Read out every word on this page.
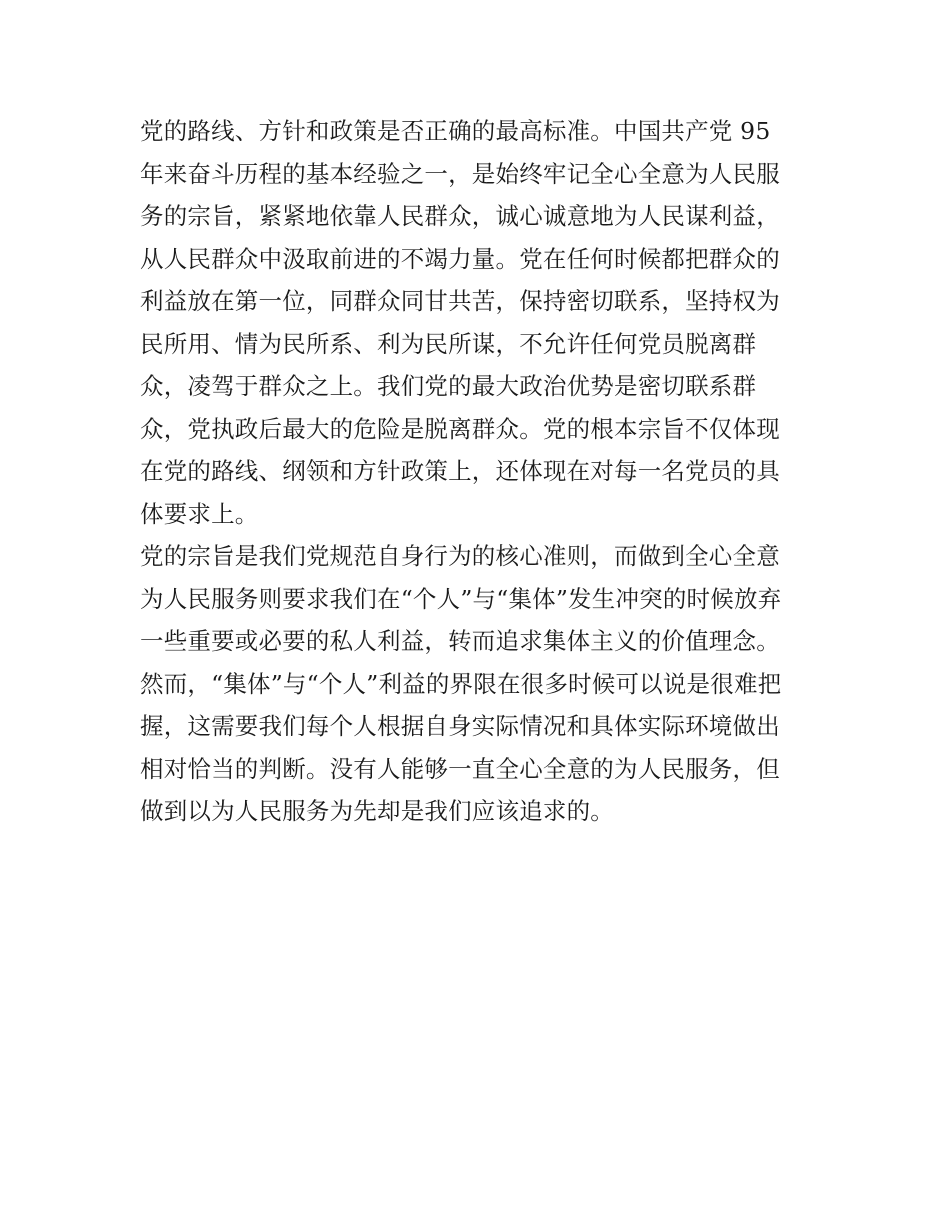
党的路线、方针和政策是否正确的最高标准。中国共产党 95
年来奋斗历程的基本经验之一，是始终牢记全心全意为人民服
务的宗旨，紧紧地依靠人民群众，诚心诚意地为人民谋利益，
从人民群众中汲取前进的不竭力量。党在任何时候都把群众的
利益放在第一位，同群众同甘共苦，保持密切联系，坚持权为
民所用、情为民所系、利为民所谋，不允许任何党员脱离群
众，凌驾于群众之上。我们党的最大政治优势是密切联系群
众，党执政后最大的危险是脱离群众。党的根本宗旨不仅体现
在党的路线、纲领和方针政策上，还体现在对每一名党员的具
体要求上。
党的宗旨是我们党规范自身行为的核心准则，而做到全心全意
为人民服务则要求我们在“个人”与“集体”发生冲突的时候放弃
一些重要或必要的私人利益，转而追求集体主义的价值理念。
然而，“集体”与“个人”利益的界限在很多时候可以说是很难把
握，这需要我们每个人根据自身实际情况和具体实际环境做出
相对恰当的判断。没有人能够一直全心全意的为人民服务，但
做到以为人民服务为先却是我们应该追求的。
